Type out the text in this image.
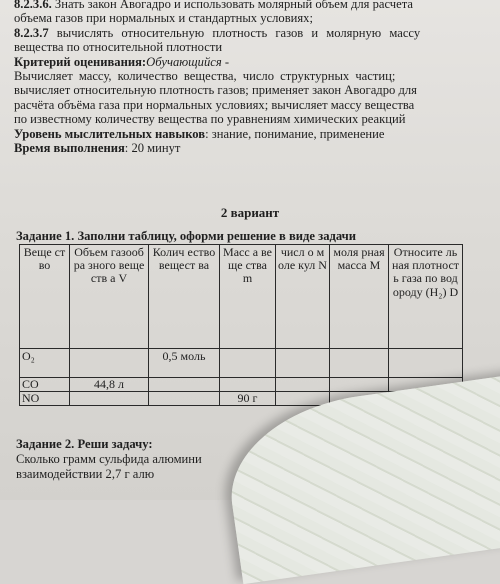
8.2.3.6. Знать закон Авогадро и использовать молярный объем для расчета
объема газов при нормальных и стандартных условиях;
8.2.3.7 вычислять относительную плотность газов и молярную массу
вещества по относительной плотности
Критерий оценивания:Обучающийся -
Вычисляет массу, количество вещества, число структурных частиц;
вычисляет относительную плотность газов; применяет закон Авогадро для
расчёта объёма газа при нормальных условиях; вычисляет массу вещества
по известному количеству вещества по уравнениям химических реакций
Уровень мыслительных навыков: знание, понимание, применение
Время выполнения: 20 минут
2 вариант
Задание 1. Заполни таблицу, оформи решение в виде задачи
Веще ство	Объем газообра зного веществ а V	Колич ество вещест ва	Масс а веще ства m	числ о моле кул N	моля рная масса M	Относите льная плотност ь газа по водороду (H₂) D
O₂		0,5 моль				
CO	44,8 л					
NO			90 г			
Задание 2. Реши задачу:
Сколько грамм сульфида алюмини
взаимодействии 2,7 г алю
